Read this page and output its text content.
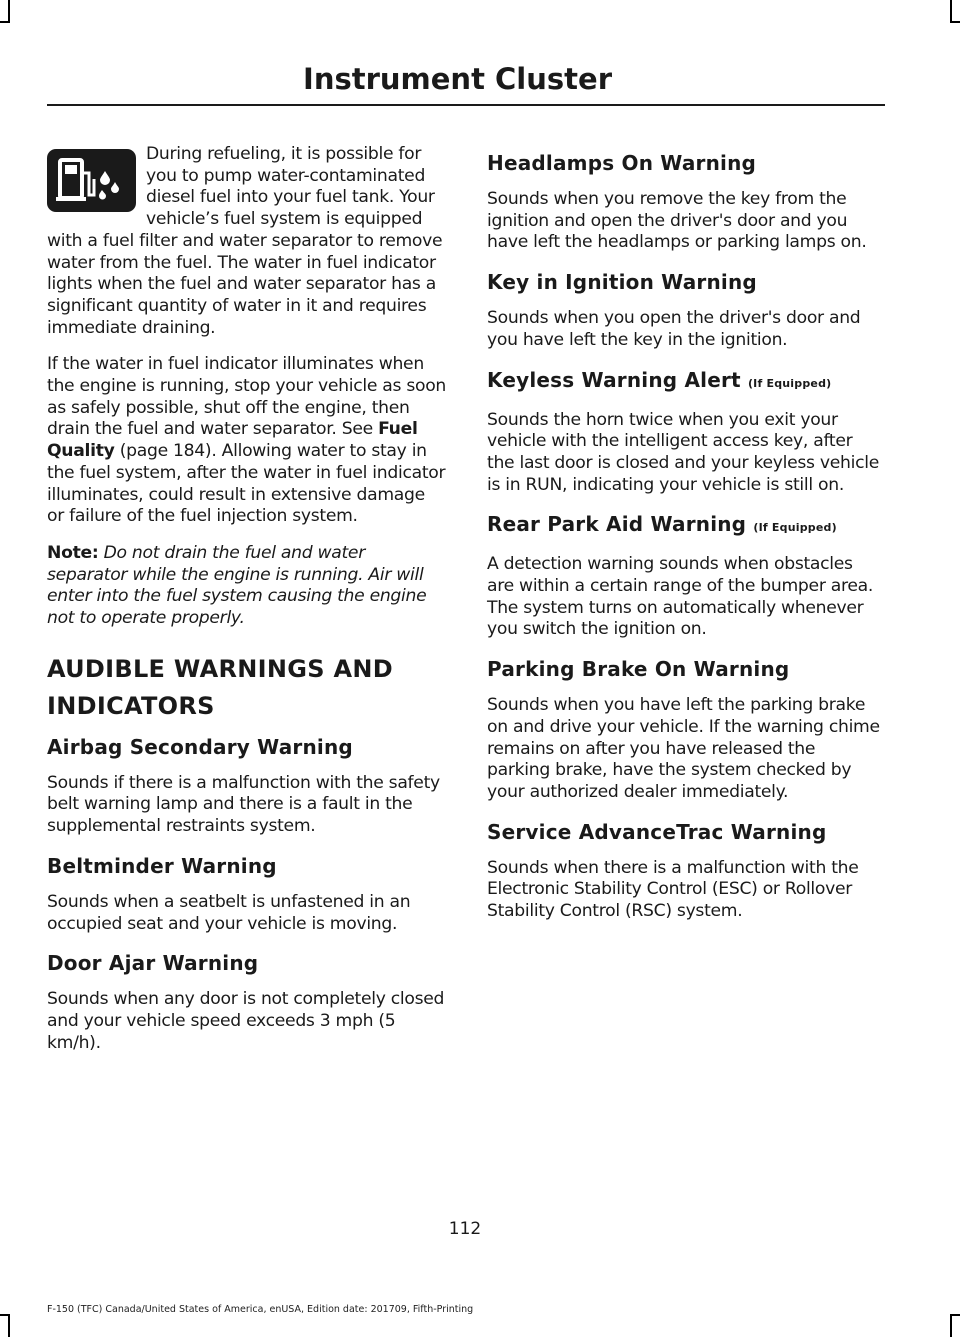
Instrument Cluster

During refueling, it is possible for you to pump water-contaminated diesel fuel into your fuel tank. Your vehicle’s fuel system is equipped with a fuel filter and water separator to remove water from the fuel. The water in fuel indicator lights when the fuel and water separator has a significant quantity of water in it and requires immediate draining.

If the water in fuel indicator illuminates when the engine is running, stop your vehicle as soon as safely possible, shut off the engine, then drain the fuel and water separator. See Fuel Quality (page 184). Allowing water to stay in the fuel system, after the water in fuel indicator illuminates, could result in extensive damage or failure of the fuel injection system.

Note: Do not drain the fuel and water separator while the engine is running. Air will enter into the fuel system causing the engine not to operate properly.

AUDIBLE WARNINGS AND
INDICATORS
Airbag Secondary Warning

Sounds if there is a malfunction with the safety belt warning lamp and there is a fault in the supplemental restraints system.

Beltminder Warning

Sounds when a seatbelt is unfastened in an occupied seat and your vehicle is moving.

Door Ajar Warning

Sounds when any door is not completely closed and your vehicle speed exceeds 3 mph (5 km/h).

Headlamps On Warning

Sounds when you remove the key from the ignition and open the driver's door and you have left the headlamps or parking lamps on.

Key in Ignition Warning

Sounds when you open the driver's door and you have left the key in the ignition.

Keyless Warning Alert (If Equipped)

Sounds the horn twice when you exit your vehicle with the intelligent access key, after the last door is closed and your keyless vehicle is in RUN, indicating your vehicle is still on.

Rear Park Aid Warning (If Equipped)

A detection warning sounds when obstacles are within a certain range of the bumper area. The system turns on automatically whenever you switch the ignition on.

Parking Brake On Warning

Sounds when you have left the parking brake on and drive your vehicle. If the warning chime remains on after you have released the parking brake, have the system checked by your authorized dealer immediately.

Service AdvanceTrac Warning

Sounds when there is a malfunction with the Electronic Stability Control (ESC) or Rollover Stability Control (RSC) system.

112
F-150 (TFC) Canada/United States of America, enUSA, Edition date: 201709, Fifth-Printing
